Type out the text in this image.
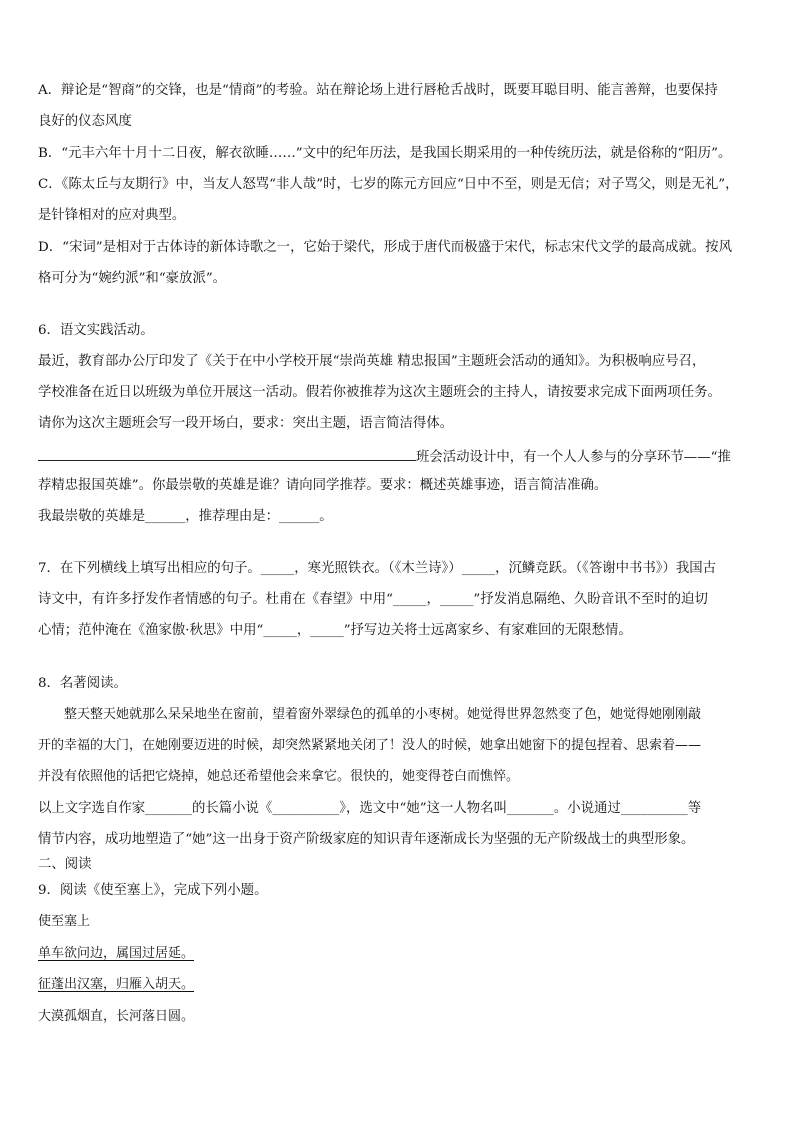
A．辩论是“智商”的交锋，也是“情商”的考验。站在辩论场上进行唇枪舌战时，既要耳聪目明、能言善辩，也要保持
良好的仪态风度
B．“元丰六年十月十二日夜，解衣欲睡……”文中的纪年历法，是我国长期采用的一种传统历法，就是俗称的“阳历”。
C．《陈太丘与友期行》中，当友人怒骂“非人哉”时，七岁的陈元方回应“日中不至，则是无信；对子骂父，则是无礼”，
是针锋相对的应对典型。
D．“宋词”是相对于古体诗的新体诗歌之一，它始于梁代，形成于唐代而极盛于宋代，标志宋代文学的最高成就。按风
格可分为“婉约派”和“豪放派”。
6．语文实践活动。
最近，教育部办公厅印发了《关于在中小学校开展“崇尚英雄 精忠报国”主题班会活动的通知》。为积极响应号召，
学校准备在近日以班级为单位开展这一活动。假若你被推荐为这次主题班会的主持人，请按要求完成下面两项任务。
请你为这次主题班会写一段开场白，要求：突出主题，语言简洁得体。
班会活动设计中，有一个人人参与的分享环节——“推
荐精忠报国英雄”。你最崇敬的英雄是谁？请向同学推荐。要求：概述英雄事迹，语言简洁准确。
我最崇敬的英雄是______，推荐理由是：______。
7．在下列横线上填写出相应的句子。_____，寒光照铁衣。（《木兰诗》）_____，沉鳞竞跃。（《答谢中书书》）我国古
诗文中，有许多抒发作者情感的句子。杜甫在《春望》中用“_____，_____”抒发消息隔绝、久盼音讯不至时的迫切
心情；范仲淹在《渔家傲·秋思》中用“_____，_____”抒写边关将士远离家乡、有家难回的无限愁情。
8．名著阅读。
整天整天她就那么呆呆地坐在窗前，望着窗外翠绿色的孤单的小枣树。她觉得世界忽然变了色，她觉得她刚刚敲
开的幸福的大门，在她刚要迈进的时候，却突然紧紧地关闭了！没人的时候，她拿出她窗下的提包捏着、思索着——
并没有依照他的话把它烧掉，她总还希望他会来拿它。很快的，她变得苍白而憔悴。
以上文字选自作家_______的长篇小说《__________》，选文中“她”这一人物名叫_______。小说通过__________等
情节内容，成功地塑造了“她”这一出身于资产阶级家庭的知识青年逐渐成长为坚强的无产阶级战士的典型形象。
二、阅读
9．阅读《使至塞上》，完成下列小题。
使至塞上
单车欲问边，属国过居延。
征蓬出汉塞，归雁入胡天。
大漠孤烟直，长河落日圆。
